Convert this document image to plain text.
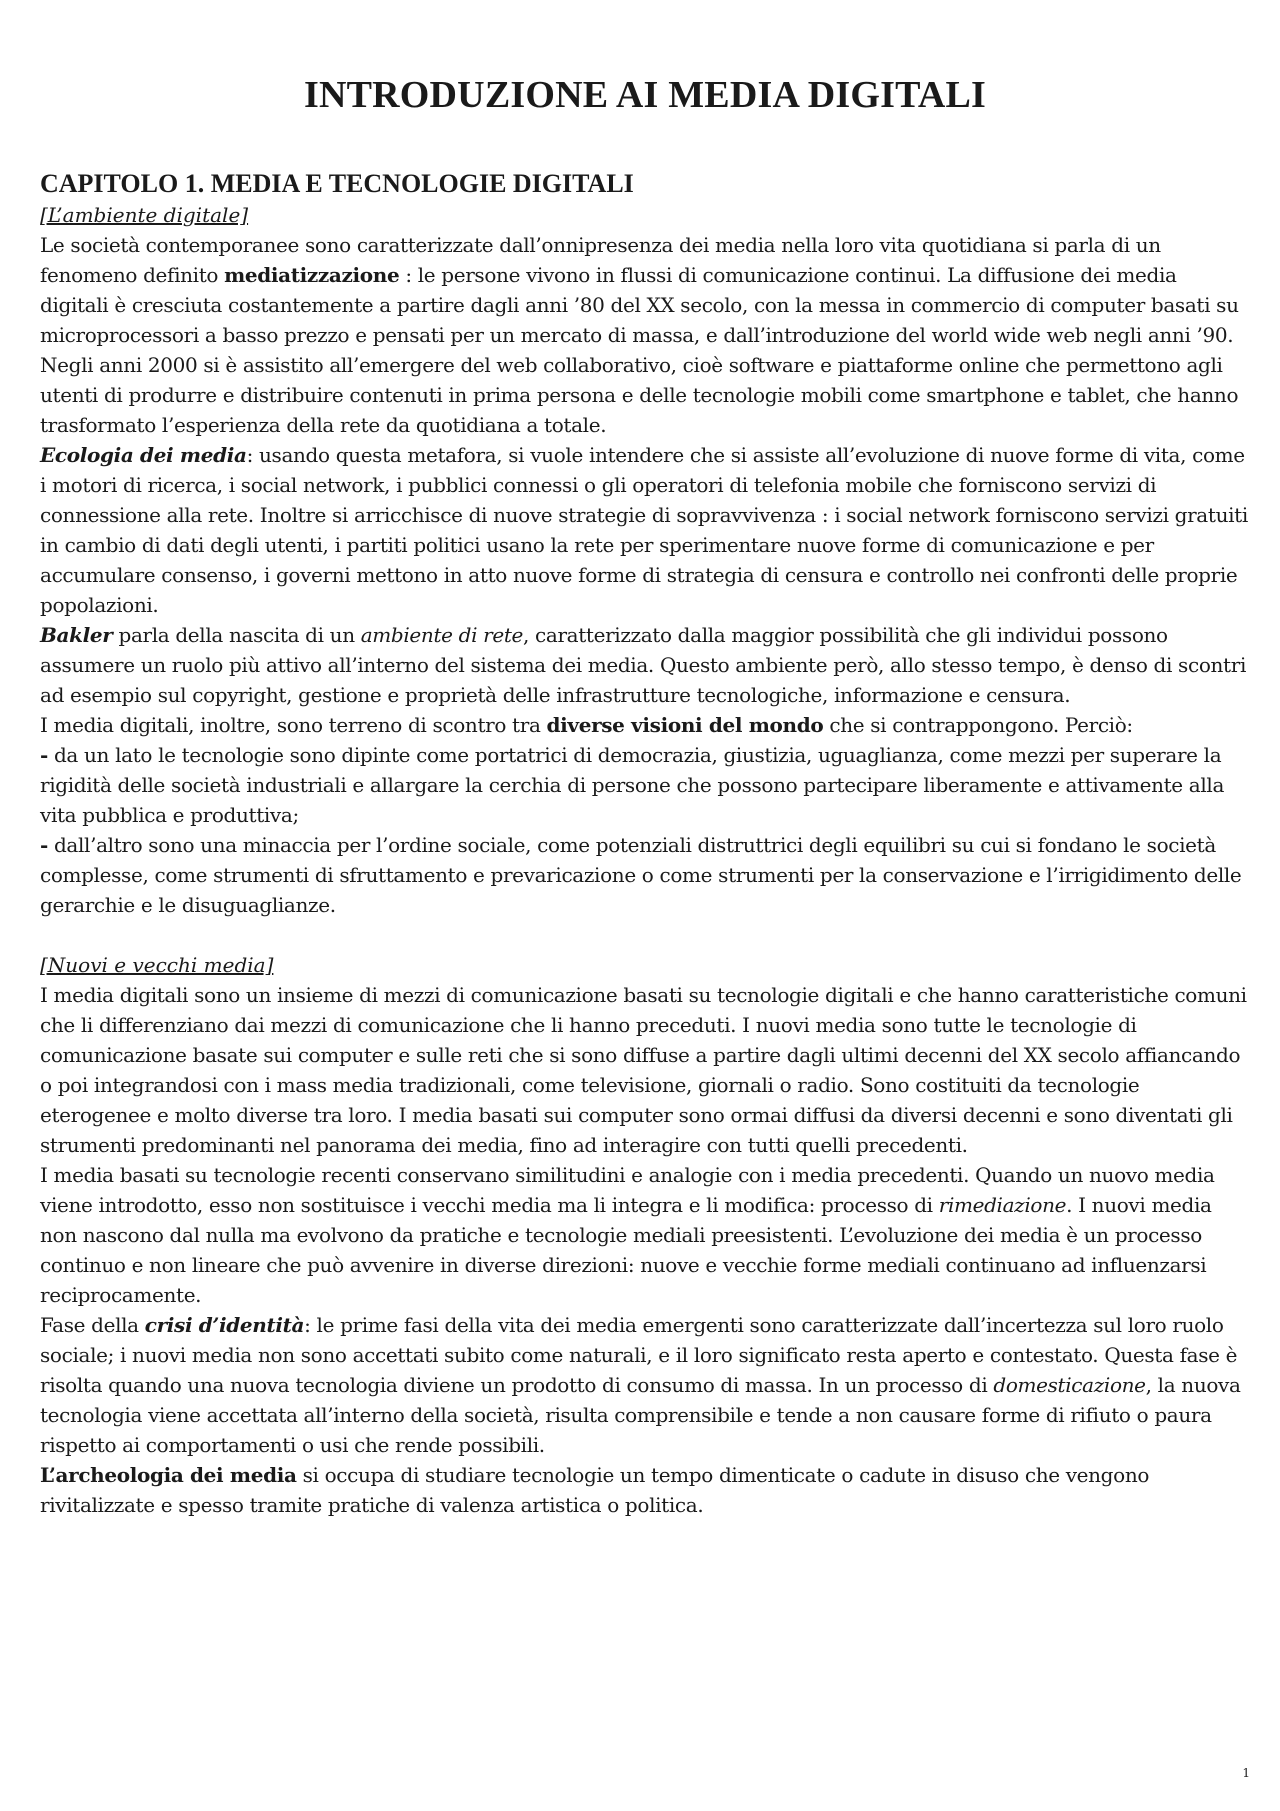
INTRODUZIONE AI MEDIA DIGITALI
CAPITOLO 1. MEDIA E TECNOLOGIE DIGITALI
[L’ambiente digitale]

Le società contemporanee sono caratterizzate dall’onnipresenza dei media nella loro vita quotidiana si parla di un fenomeno definito mediatizzazione : le persone vivono in flussi di comunicazione continui. La diffusione dei media digitali è cresciuta costantemente a partire dagli anni ’80 del XX secolo, con la messa in commercio di computer basati su microprocessori a basso prezzo e pensati per un mercato di massa, e dall’introduzione del world wide web negli anni ’90. Negli anni 2000 si è assistito all’emergere del web collaborativo, cioè software e piattaforme online che permettono agli utenti di produrre e distribuire contenuti in prima persona e delle tecnologie mobili come smartphone e tablet, che hanno trasformato l’esperienza della rete da quotidiana a totale.

Ecologia dei media: usando questa metafora, si vuole intendere che si assiste all’evoluzione di nuove forme di vita, come i motori di ricerca, i social network, i pubblici connessi o gli operatori di telefonia mobile che forniscono servizi di connessione alla rete. Inoltre si arricchisce di nuove strategie di sopravvivenza : i social network forniscono servizi gratuiti in cambio di dati degli utenti, i partiti politici usano la rete per sperimentare nuove forme di comunicazione e per accumulare consenso, i governi mettono in atto nuove forme di strategia di censura e controllo nei confronti delle proprie popolazioni.

Bakler parla della nascita di un ambiente di rete, caratterizzato dalla maggior possibilità che gli individui possono assumere un ruolo più attivo all’interno del sistema dei media. Questo ambiente però, allo stesso tempo, è denso di scontri ad esempio sul copyright, gestione e proprietà delle infrastrutture tecnologiche, informazione e censura.

I media digitali, inoltre, sono terreno di scontro tra diverse visioni del mondo che si contrappongono. Perciò:

- da un lato le tecnologie sono dipinte come portatrici di democrazia, giustizia, uguaglianza, come mezzi per superare la rigidità delle società industriali e allargare la cerchia di persone che possono partecipare liberamente e attivamente alla vita pubblica e produttiva;

- dall’altro sono una minaccia per l’ordine sociale, come potenziali distruttrici degli equilibri su cui si fondano le società complesse, come strumenti di sfruttamento e prevaricazione o come strumenti per la conservazione e l’irrigidimento delle gerarchie e le disuguaglianze.

[Nuovi e vecchi media]

I media digitali sono un insieme di mezzi di comunicazione basati su tecnologie digitali e che hanno caratteristiche comuni che li differenziano dai mezzi di comunicazione che li hanno preceduti. I nuovi media sono tutte le tecnologie di comunicazione basate sui computer e sulle reti che si sono diffuse a partire dagli ultimi decenni del XX secolo affiancando o poi integrandosi con i mass media tradizionali, come televisione, giornali o radio. Sono costituiti da tecnologie eterogenee e molto diverse tra loro. I media basati sui computer sono ormai diffusi da diversi decenni e sono diventati gli strumenti predominanti nel panorama dei media, fino ad interagire con tutti quelli precedenti.

I media basati su tecnologie recenti conservano similitudini e analogie con i media precedenti. Quando un nuovo media viene introdotto, esso non sostituisce i vecchi media ma li integra e li modifica: processo di rimediazione. I nuovi media non nascono dal nulla ma evolvono da pratiche e tecnologie mediali preesistenti. L’evoluzione dei media è un processo continuo e non lineare che può avvenire in diverse direzioni: nuove e vecchie forme mediali continuano ad influenzarsi reciprocamente.

Fase della crisi d’identità: le prime fasi della vita dei media emergenti sono caratterizzate dall’incertezza sul loro ruolo sociale; i nuovi media non sono accettati subito come naturali, e il loro significato resta aperto e contestato. Questa fase è risolta quando una nuova tecnologia diviene un prodotto di consumo di massa. In un processo di domesticazione, la nuova tecnologia viene accettata all’interno della società, risulta comprensibile e tende a non causare forme di rifiuto o paura rispetto ai comportamenti o usi che rende possibili.

L’archeologia dei media si occupa di studiare tecnologie un tempo dimenticate o cadute in disuso che vengono rivitalizzate e spesso tramite pratiche di valenza artistica o politica.

1
